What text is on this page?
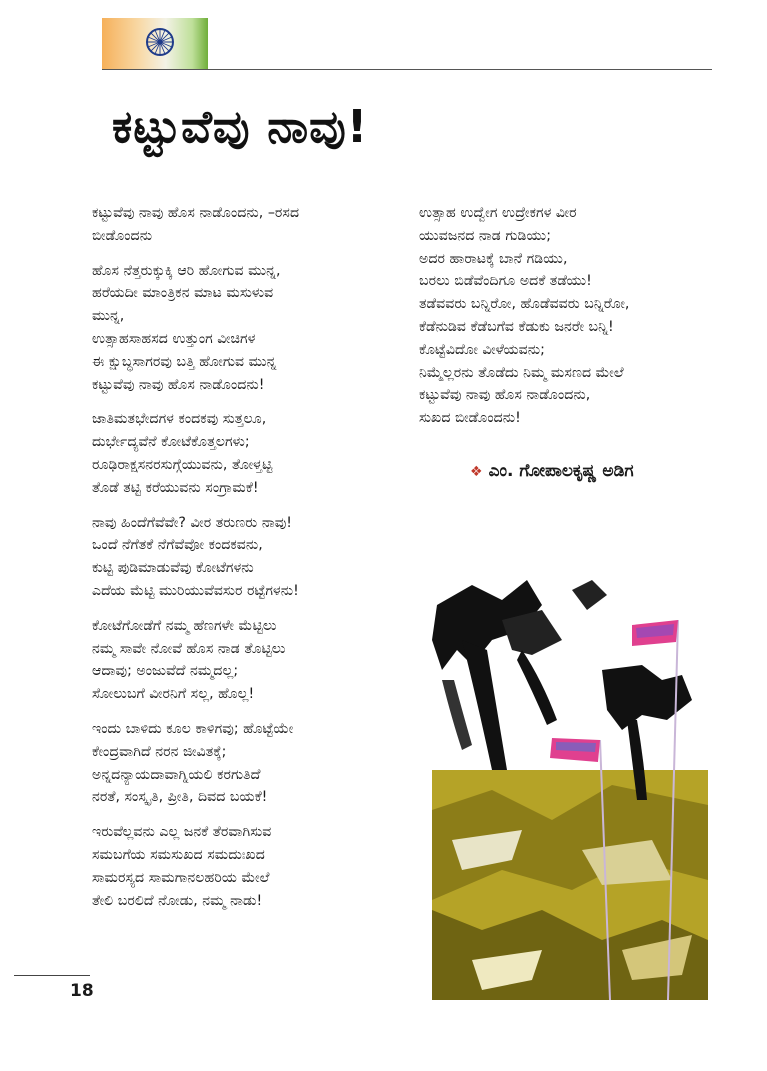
ಕಟ್ಟುವೆವು ನಾವು!
ಕಟ್ಟುವೆವು ನಾವು ಹೊಸ ನಾಡೊಂದನು, –ರಸದ
ಬೀಡೊಂದನು
ಹೊಸ ನೆತ್ತರುಕ್ಕುಕ್ಕಿ ಆರಿ ಹೋಗುವ ಮುನ್ನ,
ಹರೆಯದೀ ಮಾಂತ್ರಿಕನ ಮಾಟ ಮಸುಳುವ
ಮುನ್ನ,
ಉತ್ಸಾಹಸಾಹಸದ ಉತ್ತುಂಗ ವೀಚಿಗಳ
ಈ ಕ್ಷುಬ್ಧಸಾಗರವು ಬತ್ತಿ ಹೋಗುವ ಮುನ್ನ
ಕಟ್ಟುವೆವು ನಾವು ಹೊಸ ನಾಡೊಂದನು!
ಜಾತಿಮತಭೇದಗಳ ಕಂದಕವು ಸುತ್ತಲೂ,
ದುರ್ಭೇದ್ಯವೆನೆ ಕೋಟೆಕೊತ್ತಲಗಳು;
ರೂಢಿರಾಕ್ಷಸನರಸುಗ್ಗೆಯುವನು, ತೋಳ್ತಟ್ಟಿ
ತೊಡೆ ತಟ್ಟಿ ಕರೆಯುವನು ಸಂಗ್ರಾಮಕೆ!
ನಾವು ಹಿಂದೆಗೆವೆವೇ? ವೀರ ತರುಣರು ನಾವು!
ಒಂದೆ ನೆಗೆತಕೆ ನೆಗೆವೆವೋ ಕಂದಕವನು,
ಕುಟ್ಟಿ ಪುಡಿಮಾಡುವೆವು ಕೋಟೆಗಳನು
ಎದೆಯ ಮೆಟ್ಟಿ ಮುರಿಯುವೆವಸುರ ರಟ್ಟೆಗಳನು!
ಕೋಟೆಗೋಡೆಗೆ ನಮ್ಮ ಹೆಣಗಳೇ ಮೆಟ್ಟಿಲು
ನಮ್ಮ ಸಾವೇ ನೋವೆ ಹೊಸ ನಾಡ ತೊಟ್ಟಿಲು
ಆದಾವು; ಅಂಜುವೆದೆ ನಮ್ಮದಲ್ಲ;
ಸೋಲುಬಗೆ ವೀರನಿಗೆ ಸಲ್ಲ, ಹೊಲ್ಲ!
ಇಂದು ಬಾಳಿದು ಕೂಲ ಕಾಳಿಗವು; ಹೊಟ್ಟೆಯೇ
ಕೇಂದ್ರವಾಗಿದೆ ನರನ ಜೀವಿತಕ್ಕೆ;
ಅನ್ನದನ್ಯಾಯದಾವಾಗ್ನಿಯಲಿ ಕರಗುತಿದೆ
ನರತೆ, ಸಂಸ್ಕೃತಿ, ಪ್ರೀತಿ, ದಿವದ ಬಯಕೆ!
ಇರುವೆಲ್ಲವನು ಎಲ್ಲ ಜನಕೆ ತೆರವಾಗಿಸುವ
ಸಮಬಗೆಯ ಸಮಸುಖದ ಸಮದುಃಖದ
ಸಾಮರಸ್ಯದ ಸಾಮಗಾನಲಹರಿಯ ಮೇಲೆ
ತೇಲಿ ಬರಲಿದೆ ನೋಡು, ನಮ್ಮ ನಾಡು!
ಉತ್ಸಾಹ ಉದ್ವೇಗ ಉದ್ರೇಕಗಳ ವೀರ
ಯುವಜನದ ನಾಡ ಗುಡಿಯು;
ಅದರ ಹಾರಾಟಕ್ಕೆ ಬಾನೆ ಗಡಿಯು,
ಬರಲು ಬಿಡೆವೆಂದಿಗೂ ಅದಕೆ ತಡೆಯು!
ತಡೆವವರು ಬನ್ನಿರೋ, ಹೊಡೆವವರು ಬನ್ನಿರೋ,
ಕೆಡೆನುಡಿವ ಕೆಡೆಬಗೆವ ಕೆಡುಕು ಜನರೇ ಬನ್ನಿ!
ಕೊಟ್ಟೆವಿದೋ ವೀಳೆಯವನು;
ನಿಮ್ಮೆಲ್ಲರನು ತೊಡೆದು ನಿಮ್ಮ ಮಸಣದ ಮೇಲೆ
ಕಟ್ಟುವೆವು ನಾವು ಹೊಸ ನಾಡೊಂದನು,
ಸುಖದ ಬೀಡೊಂದನು!
❖ ಎಂ. ಗೋಪಾಲಕೃಷ್ಣ ಅಡಿಗ
18
